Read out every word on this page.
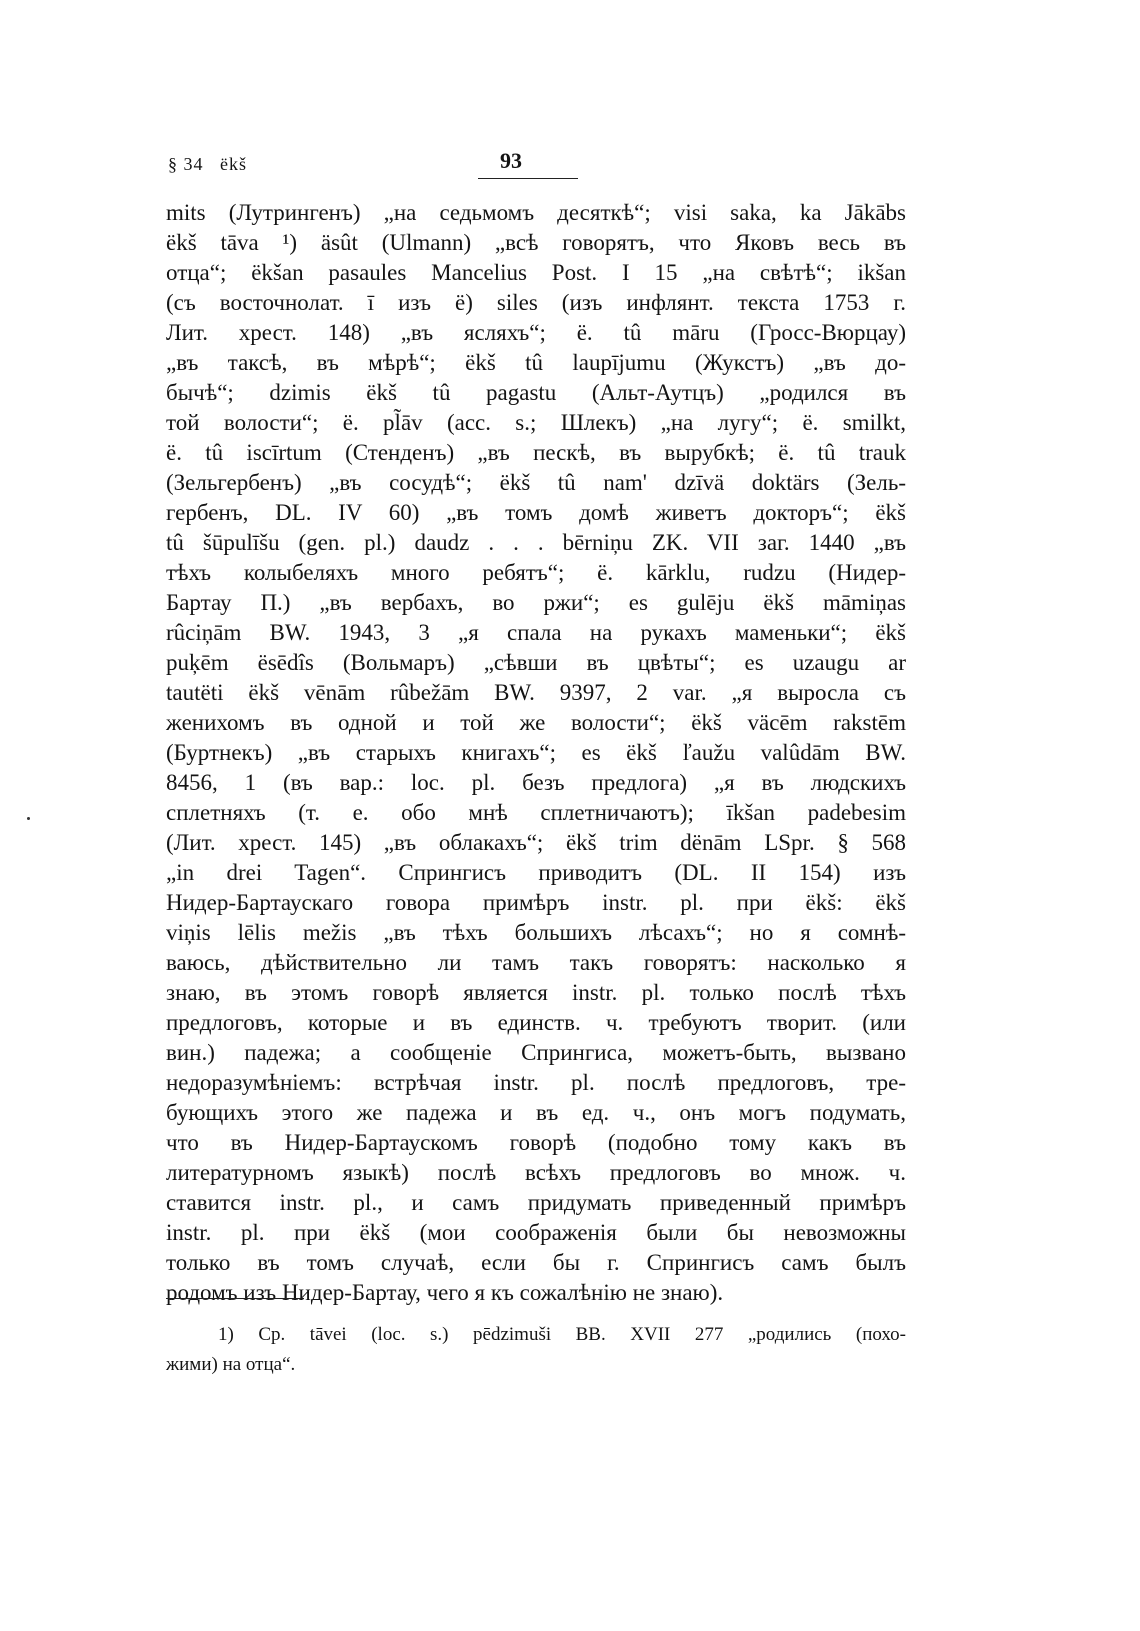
§ 34   ëkš	93
mits (Лутрингенъ) „на седьмомъ десяткѣ“; visi saka, ka Jākābs
ëkš tāva ¹) äsût (Ulmann) „всѣ говорятъ, что Яковъ весь въ
отца“; ëkšan pasaules Mancelius Post. I 15 „на свѣтѣ“; ikšan
(съ восточнолат. ī изъ ë) siles (изъ инфлянт. текста 1753 г.
Лит. хрест. 148) „въ ясляхъ“; ë. tû māru (Гросс-Вюрцау)
„въ таксѣ, въ мѣрѣ“; ëkš tû laupījumu (Жукстъ) „въ до-
бычѣ“; dzimis ëkš tû pagastu (Альт-Аутцъ) „родился въ
той волости“; ë. pl̃āv (acc. s.; Шлекъ) „на лугу“; ë. smilkt,
ë. tû iscīrtum (Стенденъ) „въ пескѣ, въ вырубкѣ; ë. tû trauk
(Зельгербенъ) „въ сосудѣ“; ëkš tû nam' dzīvä doktärs (Зель-
гербенъ, DL. IV 60) „въ томъ домѣ живетъ докторъ“; ëkš
tû šūpulīšu (gen. pl.) daudz . . . bērniņu ZK. VII заг. 1440 „въ
тѣхъ колыбеляхъ много ребятъ“; ë. kārklu, rudzu (Нидер-
Бартау П.) „въ вербахъ, во ржи“; es gulēju ëkš māmiņas
rûciņām BW. 1943, 3 „я спала на рукахъ маменьки“; ëkš
puķēm ësēdîs (Вольмаръ) „сѣвши въ цвѣты“; es uzaugu ar
tautëti ëkš vēnām rûbežām BW. 9397, 2 var. „я выросла съ
женихомъ въ одной и той же волости“; ëkš väcēm rakstēm
(Буртнекъ) „въ старыхъ книгахъ“; es ëkš ľaužu valûdām BW.
8456, 1 (въ вар.: loc. pl. безъ предлога) „я въ людскихъ
сплетняхъ (т. е. обо мнѣ сплетничаютъ); īkšan padebesim
(Лит. хрест. 145) „въ облакахъ“; ëkš trim dënām LSpr. § 568
„in drei Tagen“. Спрингисъ приводитъ (DL. II 154) изъ
Нидер-Бартаускаго говора примѣръ instr. pl. при ëkš: ëkš
viņis lēlis mežis „въ тѣхъ большихъ лѣсахъ“; но я сомнѣ-
ваюсь, дѣйствительно ли тамъ такъ говорятъ: насколько я
знаю, въ этомъ говорѣ является instr. pl. только послѣ тѣхъ
предлоговъ, которые и въ единств. ч. требуютъ творит. (или
вин.) падежа; а сообщеніе Спрингиса, можетъ-быть, вызвано
недоразумѣніемъ: встрѣчая instr. pl. послѣ предлоговъ, тре-
бующихъ этого же падежа и въ ед. ч., онъ могъ подумать,
что въ Нидер-Бартаускомъ говорѣ (подобно тому какъ въ
литературномъ языкѣ) послѣ всѣхъ предлоговъ во множ. ч.
ставится instr. pl., и самъ придумать приведенный примѣръ
instr. pl. при ëkš (мои соображенія были бы невозможны
только въ томъ случаѣ, если бы г. Спрингисъ самъ былъ
родомъ изъ Нидер-Бартау, чего я къ сожалѣнію не знаю).
1) Ср. tāvei (loc. s.) pēdzimuši BB. XVII 277 „родились (похо-
жими) на отца“.
